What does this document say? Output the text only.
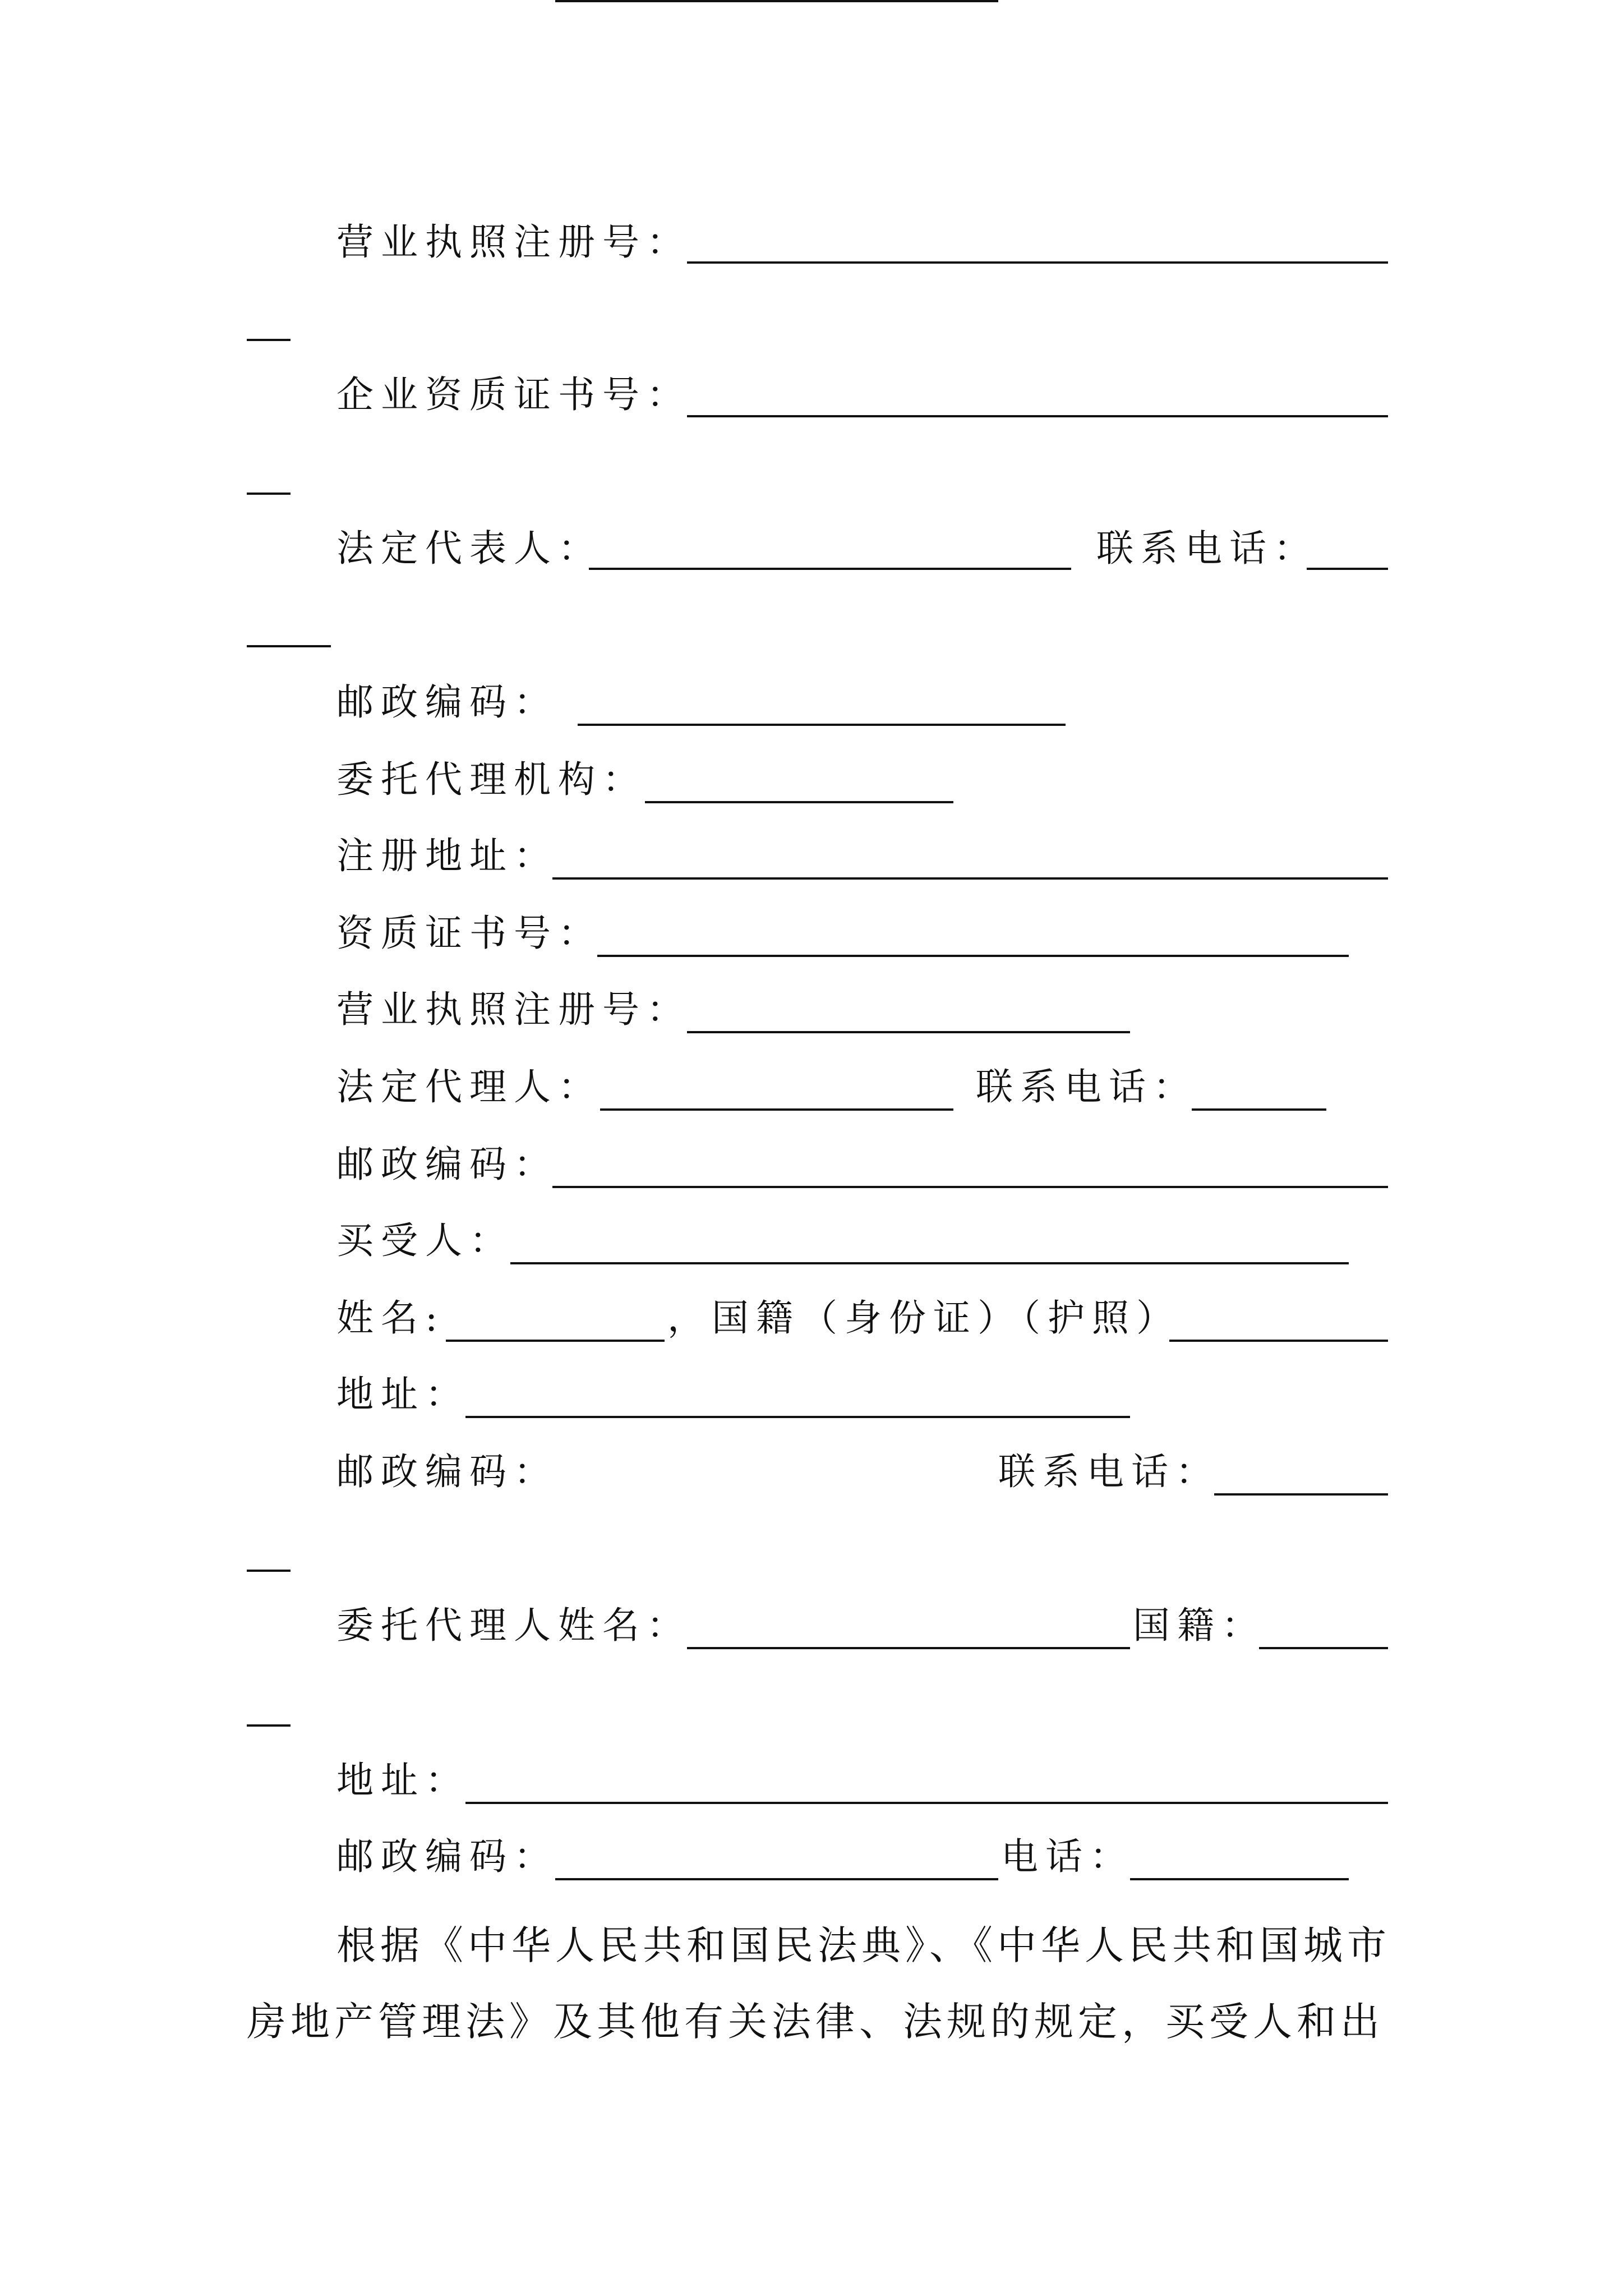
营业执照注册号：
企业资质证书号：
法定代表人：	联系电话：
邮政编码：
委托代理机构：
注册地址：
资质证书号：
营业执照注册号：
法定代理人：	联系电话：
邮政编码：
买受人：
姓名:	，国籍（身份证）（护照）
地址：
邮政编码：	联系电话：
委托代理人姓名：	国籍：
地址：
邮政编码：	电话：
根据《中华人民共和国民法典》、《中华人民共和国城市
房地产管理法》及其他有关法律、法规的规定，买受人和出
